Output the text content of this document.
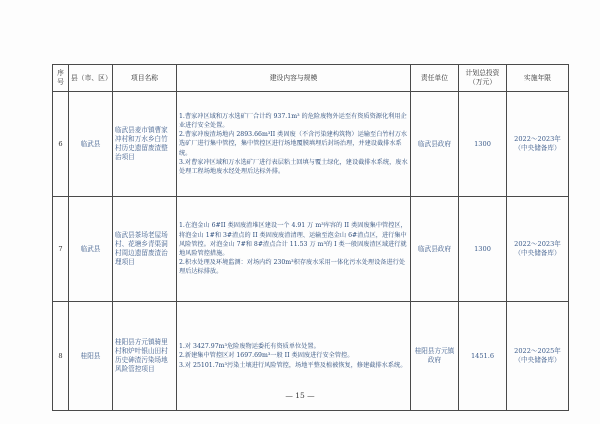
序号	县（市、区）	项目名称	建设内容与规模	责任单位	计划总投资（万元）	实施年限
6	临武县	临武县麦市镇曹家冲村和万水乡白竹村历史遗留废渣整治项目	1.曹家冲区域和万水选矿厂合计约 937.1m³ 的危险废物外运至有资质资源化利用企业进行安全处置。

2.曹家冲废渣场地内 2893.66m³II 类固废（不含污染建构筑物）运输至白竹村万水选矿厂进行集中管控，集中管控区进行场地覆膜填埋后封场治理，并建设截排水系统。

3.对曹家冲区域和万水选矿厂进行表层粘土回填与覆土绿化，建设截排水系统，废水处理工程场地废水经处理后达标外排。	临武县政府	1300	2022～2023年（中央储备库）
7	临武县	临武县茶场老屋场村、花塘乡青渠洞村周边遗留废渣治理项目	1.在泡金山 6#II 类固废渣堆区建设一个 4.91 万 m³库容的 II 类固废集中管控区，将泡金山 1#和 3#渣点的 II 类固废废渣清理、运输至泡金山 6#渣点区，进行集中风险管控。对泡金山 7#和 8#渣点合计 11.53 万 m³的 I 类一般固废渣区域进行就地风险管控措施。

2.积水处理及环境监测：对场内约 230m³积存废水采用一体化污水处理设备进行处理后达标排放。	临武县政府	1300	2022～2023年（中央储备库）
8	桂阳县	桂阳县方元镇骑里村和炉叶银山田村历史砷渣污染场地风险管控项目	1.对 3427.97m³危险废物运委托有资质单位处置。

2.新建集中管控区对 1697.69m³一般 II 类固废进行安全管控。

3.对 25101.7m³污染土壤进行风险管控，场地平整及植被恢复，修建截排水系统。	桂阳县方元镇政府	1451.6	2022～2025年（中央储备库）
— 15 —
